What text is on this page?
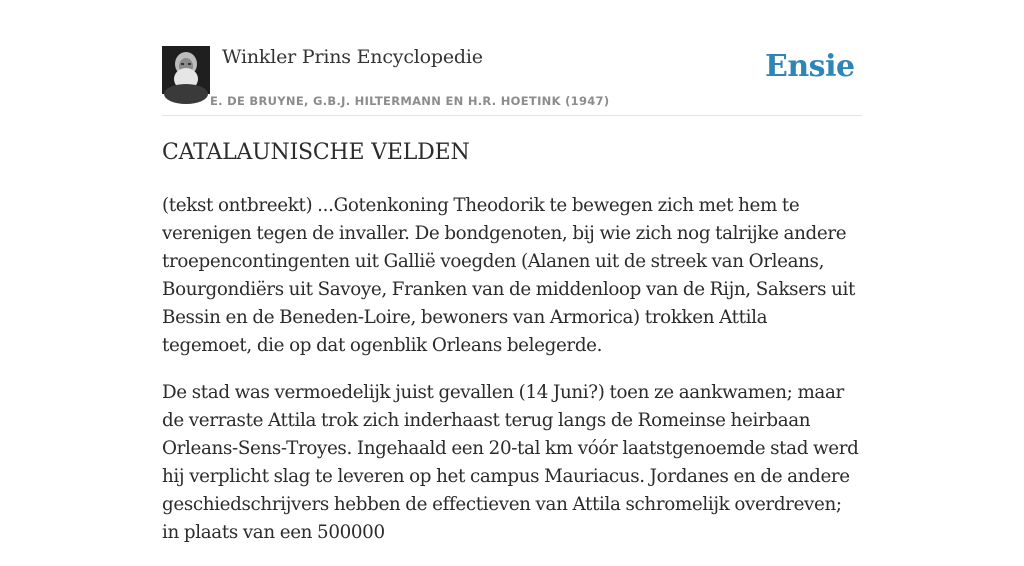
Winkler Prins Encyclopedie
E. DE BRUYNE, G.B.J. HILTERMANN EN H.R. HOETINK (1947)
Ensie
CATALAUNISCHE VELDEN

(tekst ontbreekt) ...Gotenkoning Theodorik te bewegen zich met hem te verenigen tegen de invaller. De bondgenoten, bij wie zich nog talrijke andere troepencontingenten uit Gallië voegden (Alanen uit de streek van Orleans, Bourgondiërs uit Savoye, Franken van de middenloop van de Rijn, Saksers uit Bessin en de Beneden-Loire, bewoners van Armorica) trokken Attila tegemoet, die op dat ogenblik Orleans belegerde.

De stad was vermoedelijk juist gevallen (14 Juni?) toen ze aankwamen; maar de verraste Attila trok zich inderhaast terug langs de Romeinse heirbaan Orleans-Sens-Troyes. Ingehaald een 20-tal km vóór laatstgenoemde stad werd hij verplicht slag te leveren op het campus Mauriacus. Jordanes en de andere geschiedschrijvers hebben de effectieven van Attila schromelijk overdreven; in plaats van een 500000
